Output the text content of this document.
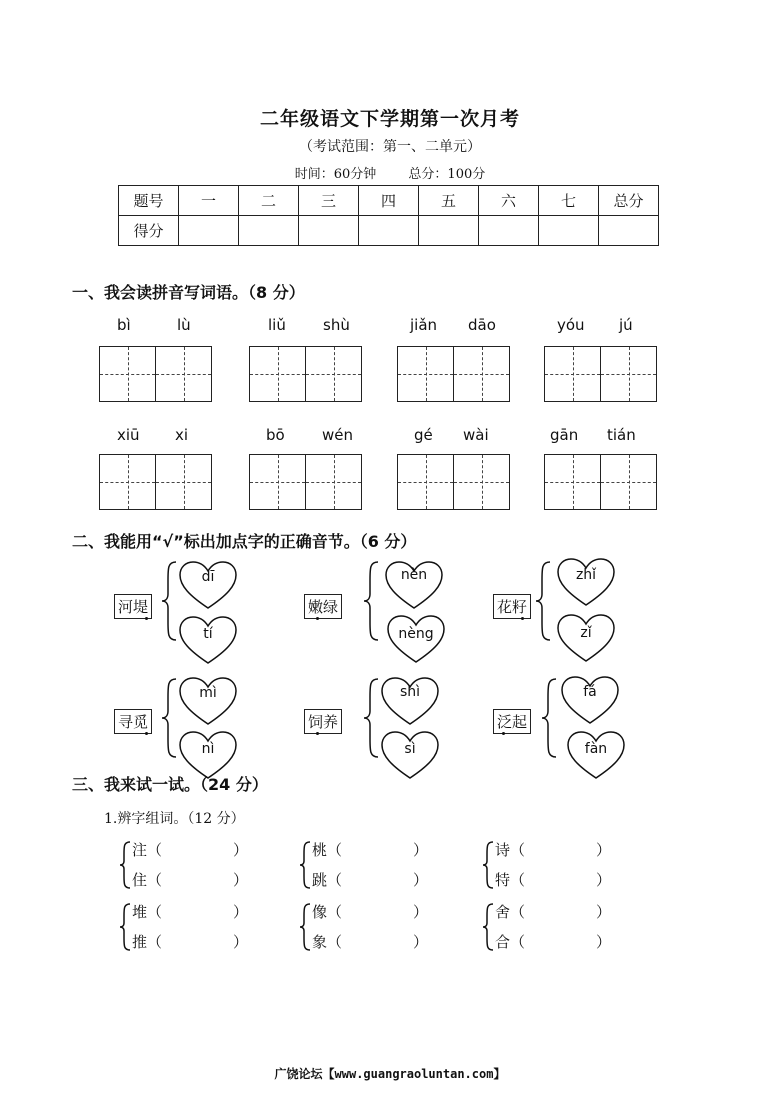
二年级语文下学期第一次月考
（考试范围：第一、二单元）
时间：60分钟 总分：100分
题号	一	二	三	四	五	六	七	总分
得分								
一、我会读拼音写词语。（8 分）
bì	lù	liǔ shù	jiǎn dāo	yóu jú
xiū xi	bō wén	gé wài	gān tián
二、我能用“√”标出加点字的正确音节。（6 分）
河堤
dī
tí
嫩绿
nèn
nèng
花籽
zhǐ
zǐ
寻觅
mì
nì
饲养
shì
sì
泛起
fá
fàn
三、我来试一试。（24 分）
1.辨字组词。（12 分）
注（	）
住（	）
桃（	）
跳（	）
诗（	）
特（	）
堆（	）
推（	）
像（	）
象（	）
舍（	）
合（	）
广饶论坛【www.guangraoluntan.com】
